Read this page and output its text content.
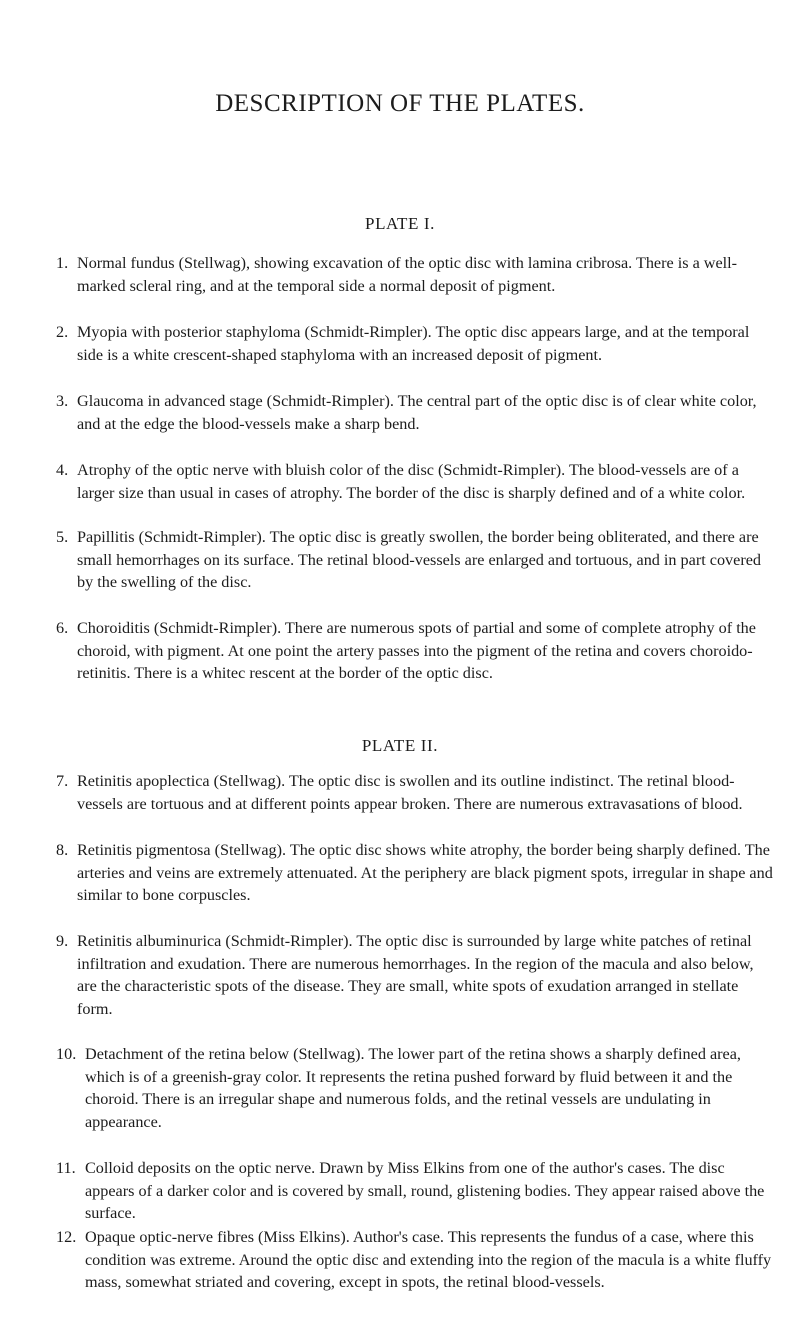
DESCRIPTION OF THE PLATES.
PLATE I.
1. Normal fundus (Stellwag), showing excavation of the optic disc with lamina cribrosa. There is a well-marked scleral ring, and at the temporal side a normal deposit of pigment.
2. Myopia with posterior staphyloma (Schmidt-Rimpler). The optic disc appears large, and at the temporal side is a white crescent-shaped staphyloma with an increased deposit of pigment.
3. Glaucoma in advanced stage (Schmidt-Rimpler). The central part of the optic disc is of clear white color, and at the edge the blood-vessels make a sharp bend.
4. Atrophy of the optic nerve with bluish color of the disc (Schmidt-Rimpler). The blood-vessels are of a larger size than usual in cases of atrophy. The border of the disc is sharply defined and of a white color.
5. Papillitis (Schmidt-Rimpler). The optic disc is greatly swollen, the border being obliterated, and there are small hemorrhages on its surface. The retinal blood-vessels are enlarged and tortuous, and in part covered by the swelling of the disc.
6. Choroiditis (Schmidt-Rimpler). There are numerous spots of partial and some of complete atrophy of the choroid, with pigment. At one point the artery passes into the pigment of the retina and covers choroido-retinitis. There is a whitec rescent at the border of the optic disc.
PLATE II.
7. Retinitis apoplectica (Stellwag). The optic disc is swollen and its outline indistinct. The retinal blood-vessels are tortuous and at different points appear broken. There are numerous extravasations of blood.
8. Retinitis pigmentosa (Stellwag). The optic disc shows white atrophy, the border being sharply defined. The arteries and veins are extremely attenuated. At the periphery are black pigment spots, irregular in shape and similar to bone corpuscles.
9. Retinitis albuminurica (Schmidt-Rimpler). The optic disc is surrounded by large white patches of retinal infiltration and exudation. There are numerous hemorrhages. In the region of the macula and also below, are the characteristic spots of the disease. They are small, white spots of exudation arranged in stellate form.
10. Detachment of the retina below (Stellwag). The lower part of the retina shows a sharply defined area, which is of a greenish-gray color. It represents the retina pushed forward by fluid between it and the choroid. There is an irregular shape and numerous folds, and the retinal vessels are undulating in appearance.
11. Colloid deposits on the optic nerve. Drawn by Miss Elkins from one of the author's cases. The disc appears of a darker color and is covered by small, round, glistening bodies. They appear raised above the surface.
12. Opaque optic-nerve fibres (Miss Elkins). Author's case. This represents the fundus of a case, where this condition was extreme. Around the optic disc and extending into the region of the macula is a white fluffy mass, somewhat striated and covering, except in spots, the retinal blood-vessels.
